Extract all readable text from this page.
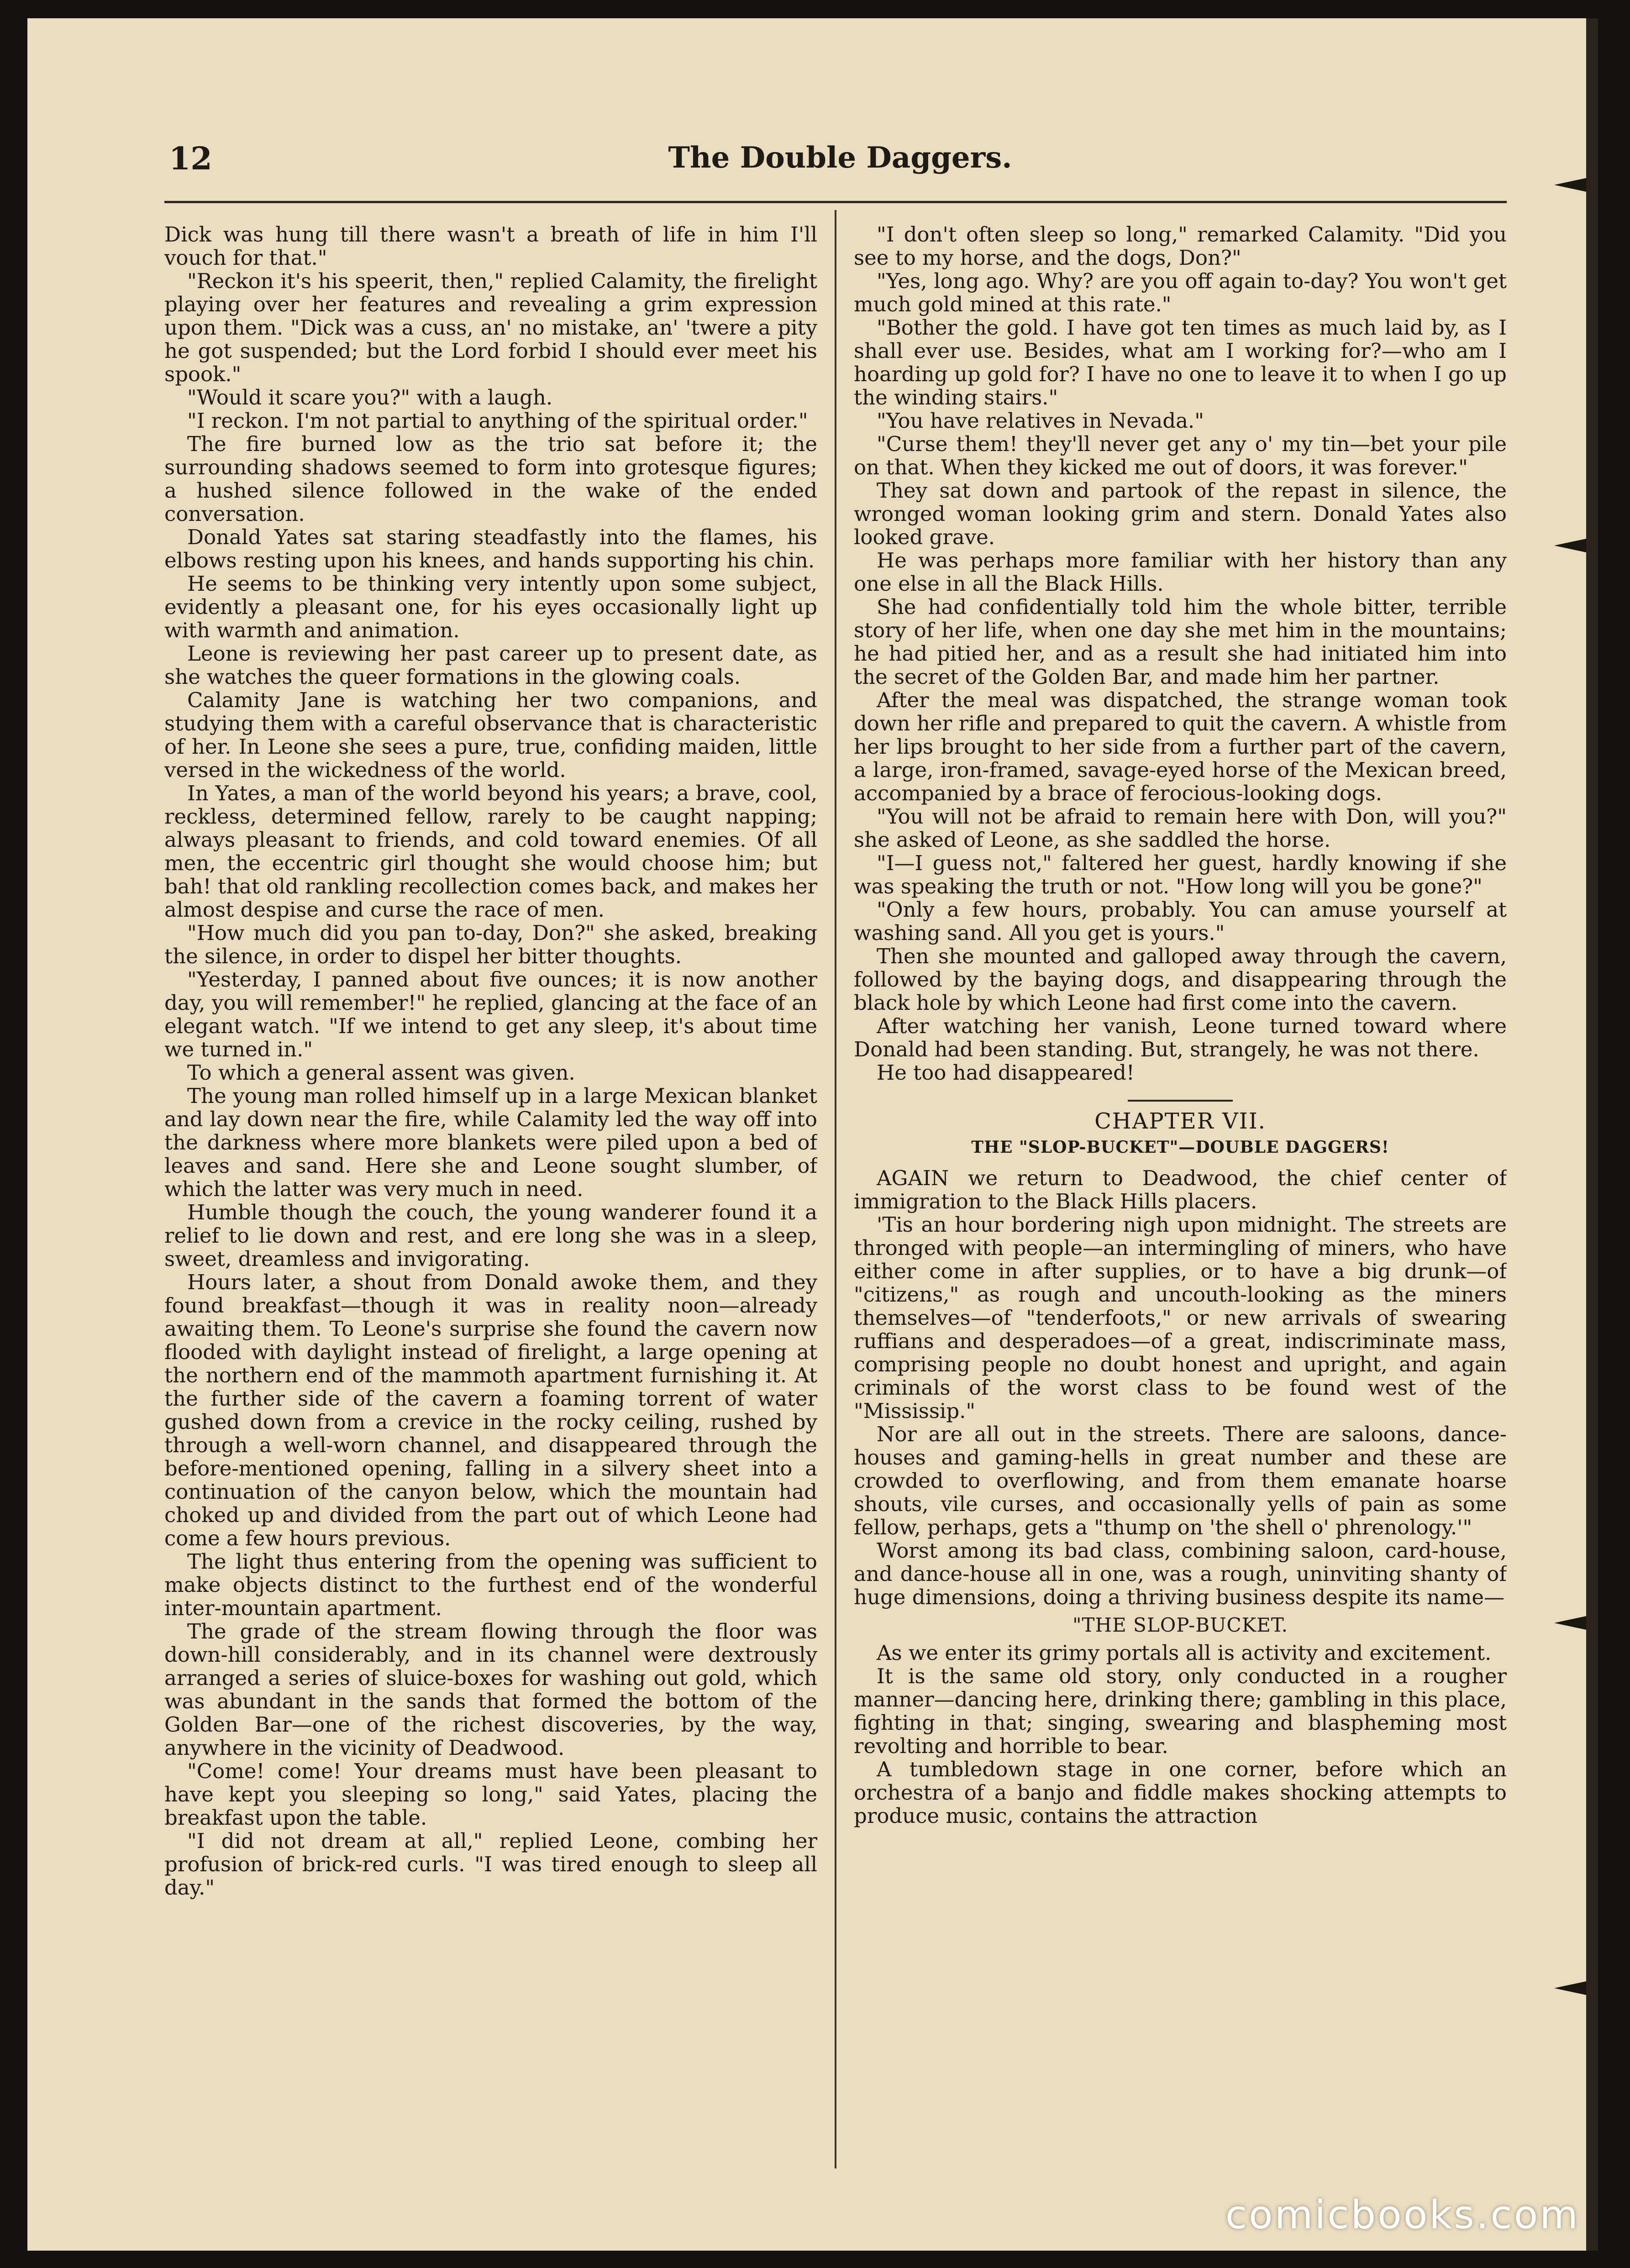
12	The Double Daggers.

Dick was hung till there wasn't a breath of life in him I'll vouch for that."

"Reckon it's his speerit, then," replied Calamity, the firelight playing over her features and revealing a grim expression upon them. "Dick was a cuss, an' no mistake, an' 'twere a pity he got suspended; but the Lord forbid I should ever meet his spook."

"Would it scare you?" with a laugh.

"I reckon. I'm not partial to anything of the spiritual order."

The fire burned low as the trio sat before it; the surrounding shadows seemed to form into grotesque figures; a hushed silence followed in the wake of the ended conversation.

Donald Yates sat staring steadfastly into the flames, his elbows resting upon his knees, and hands supporting his chin.

He seems to be thinking very intently upon some subject, evidently a pleasant one, for his eyes occasionally light up with warmth and animation.

Leone is reviewing her past career up to present date, as she watches the queer formations in the glowing coals.

Calamity Jane is watching her two companions, and studying them with a careful observance that is characteristic of her. In Leone she sees a pure, true, confiding maiden, little versed in the wickedness of the world.

In Yates, a man of the world beyond his years; a brave, cool, reckless, determined fellow, rarely to be caught napping; always pleasant to friends, and cold toward enemies. Of all men, the eccentric girl thought she would choose him; but bah! that old rankling recollection comes back, and makes her almost despise and curse the race of men.

"How much did you pan to-day, Don?" she asked, breaking the silence, in order to dispel her bitter thoughts.

"Yesterday, I panned about five ounces; it is now another day, you will remember!" he replied, glancing at the face of an elegant watch. "If we intend to get any sleep, it's about time we turned in."

To which a general assent was given.

The young man rolled himself up in a large Mexican blanket and lay down near the fire, while Calamity led the way off into the darkness where more blankets were piled upon a bed of leaves and sand. Here she and Leone sought slumber, of which the latter was very much in need.

Humble though the couch, the young wanderer found it a relief to lie down and rest, and ere long she was in a sleep, sweet, dreamless and invigorating.

Hours later, a shout from Donald awoke them, and they found breakfast—though it was in reality noon—already awaiting them. To Leone's surprise she found the cavern now flooded with daylight instead of firelight, a large opening at the northern end of the mammoth apartment furnishing it. At the further side of the cavern a foaming torrent of water gushed down from a crevice in the rocky ceiling, rushed by through a well-worn channel, and disappeared through the before-mentioned opening, falling in a silvery sheet into a continuation of the canyon below, which the mountain had choked up and divided from the part out of which Leone had come a few hours previous.

The light thus entering from the opening was sufficient to make objects distinct to the furthest end of the wonderful inter-mountain apartment.

The grade of the stream flowing through the floor was down-hill considerably, and in its channel were dextrously arranged a series of sluice-boxes for washing out gold, which was abundant in the sands that formed the bottom of the Golden Bar—one of the richest discoveries, by the way, anywhere in the vicinity of Deadwood.

"Come! come! Your dreams must have been pleasant to have kept you sleeping so long," said Yates, placing the breakfast upon the table.

"I did not dream at all," replied Leone, combing her profusion of brick-red curls. "I was tired enough to sleep all day."

"I don't often sleep so long," remarked Calamity. "Did you see to my horse, and the dogs, Don?"

"Yes, long ago. Why? are you off again to-day? You won't get much gold mined at this rate."

"Bother the gold. I have got ten times as much laid by, as I shall ever use. Besides, what am I working for?—who am I hoarding up gold for? I have no one to leave it to when I go up the winding stairs."

"You have relatives in Nevada."

"Curse them! they'll never get any o' my tin—bet your pile on that. When they kicked me out of doors, it was forever."

They sat down and partook of the repast in silence, the wronged woman looking grim and stern. Donald Yates also looked grave.

He was perhaps more familiar with her history than any one else in all the Black Hills.

She had confidentially told him the whole bitter, terrible story of her life, when one day she met him in the mountains; he had pitied her, and as a result she had initiated him into the secret of the Golden Bar, and made him her partner.

After the meal was dispatched, the strange woman took down her rifle and prepared to quit the cavern. A whistle from her lips brought to her side from a further part of the cavern, a large, iron-framed, savage-eyed horse of the Mexican breed, accompanied by a brace of ferocious-looking dogs.

"You will not be afraid to remain here with Don, will you?" she asked of Leone, as she saddled the horse.

"I—I guess not," faltered her guest, hardly knowing if she was speaking the truth or not. "How long will you be gone?"

"Only a few hours, probably. You can amuse yourself at washing sand. All you get is yours."

Then she mounted and galloped away through the cavern, followed by the baying dogs, and disappearing through the black hole by which Leone had first come into the cavern.

After watching her vanish, Leone turned toward where Donald had been standing. But, strangely, he was not there.

He too had disappeared!

CHAPTER VII.
THE "SLOP-BUCKET"—DOUBLE DAGGERS!

AGAIN we return to Deadwood, the chief center of immigration to the Black Hills placers.

'Tis an hour bordering nigh upon midnight. The streets are thronged with people—an intermingling of miners, who have either come in after supplies, or to have a big drunk—of "citizens," as rough and uncouth-looking as the miners themselves—of "tenderfoots," or new arrivals of swearing ruffians and desperadoes—of a great, indiscriminate mass, comprising people no doubt honest and upright, and again criminals of the worst class to be found west of the "Mississip."

Nor are all out in the streets. There are saloons, dance-houses and gaming-hells in great number and these are crowded to overflowing, and from them emanate hoarse shouts, vile curses, and occasionally yells of pain as some fellow, perhaps, gets a "thump on 'the shell o' phrenology.'"

Worst among its bad class, combining saloon, card-house, and dance-house all in one, was a rough, uninviting shanty of huge dimensions, doing a thriving business despite its name—

"THE SLOP-BUCKET.

As we enter its grimy portals all is activity and excitement.

It is the same old story, only conducted in a rougher manner—dancing here, drinking there; gambling in this place, fighting in that; singing, swearing and blaspheming most revolting and horrible to bear.

A tumbledown stage in one corner, before which an orchestra of a banjo and fiddle makes shocking attempts to produce music, contains the attraction

comicbooks.com
